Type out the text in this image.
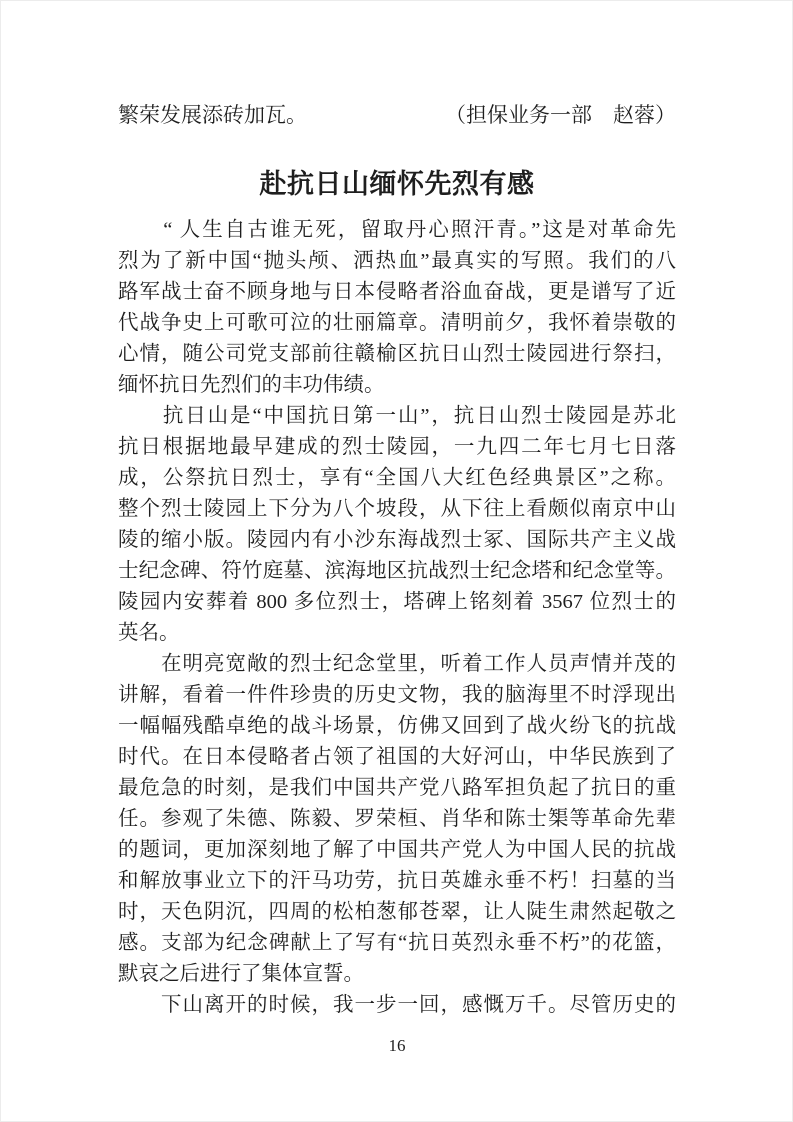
繁荣发展添砖加瓦。	（担保业务一部　赵蓉）
赴抗日山缅怀先烈有感
　　“ 人生自古谁无死，留取丹心照汗青。”这是对革命先
烈为了新中国“抛头颅、洒热血”最真实的写照。我们的八
路军战士奋不顾身地与日本侵略者浴血奋战，更是谱写了近
代战争史上可歌可泣的壮丽篇章。清明前夕，我怀着崇敬的
心情，随公司党支部前往赣榆区抗日山烈士陵园进行祭扫，
缅怀抗日先烈们的丰功伟绩。
　　抗日山是“中国抗日第一山”，抗日山烈士陵园是苏北
抗日根据地最早建成的烈士陵园，一九四二年七月七日落
成，公祭抗日烈士，享有“全国八大红色经典景区”之称。
整个烈士陵园上下分为八个坡段，从下往上看颇似南京中山
陵的缩小版。陵园内有小沙东海战烈士冢、国际共产主义战
士纪念碑、符竹庭墓、滨海地区抗战烈士纪念塔和纪念堂等。
陵园内安葬着 800 多位烈士，塔碑上铭刻着 3567 位烈士的
英名。
　　在明亮宽敞的烈士纪念堂里，听着工作人员声情并茂的
讲解，看着一件件珍贵的历史文物，我的脑海里不时浮现出
一幅幅残酷卓绝的战斗场景，仿佛又回到了战火纷飞的抗战
时代。在日本侵略者占领了祖国的大好河山，中华民族到了
最危急的时刻，是我们中国共产党八路军担负起了抗日的重
任。参观了朱德、陈毅、罗荣桓、肖华和陈士榘等革命先辈
的题词，更加深刻地了解了中国共产党人为中国人民的抗战
和解放事业立下的汗马功劳，抗日英雄永垂不朽！扫墓的当
时，天色阴沉，四周的松柏葱郁苍翠，让人陡生肃然起敬之
感。支部为纪念碑献上了写有“抗日英烈永垂不朽”的花篮，
默哀之后进行了集体宣誓。
　　下山离开的时候，我一步一回，感慨万千。尽管历史的
16
